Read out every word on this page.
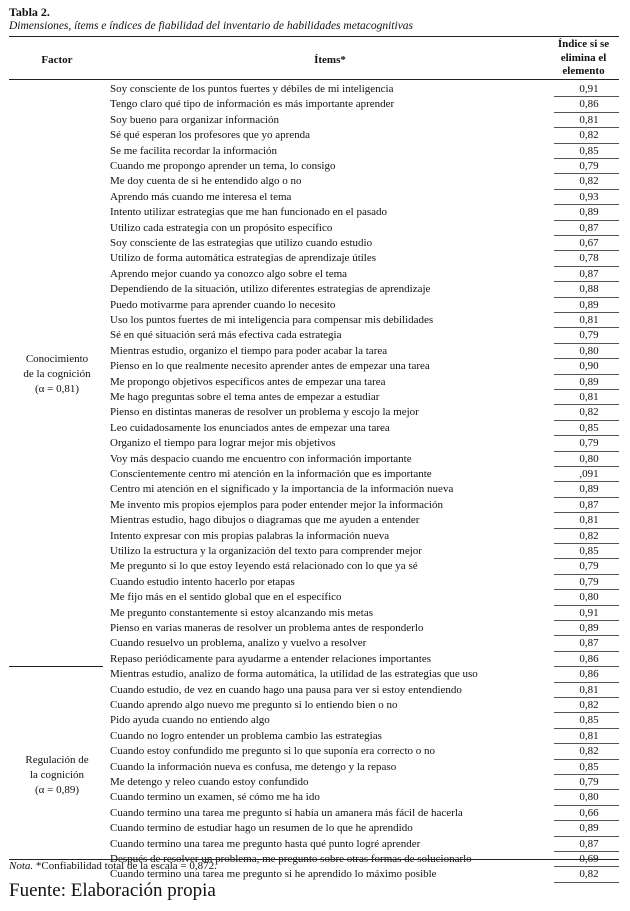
Tabla 2.
Dimensiones, ítems e índices de fiabilidad del inventario de habilidades metacognitivas
Factor	Ítems*
Índice si se
elimina el
elemento
Soy consciente de los puntos fuertes y débiles de mi inteligencia	0,91
Tengo claro qué tipo de información es más importante aprender	0,86
Soy bueno para organizar información	0,81
Sé qué esperan los profesores que yo aprenda	0,82
Se me facilita recordar la información	0,85
Cuando me propongo aprender un tema, lo consigo	0,79
Me doy cuenta de si he entendido algo o no	0,82
Aprendo más cuando me interesa el tema	0,93
Intento utilizar estrategias que me han funcionado en el pasado	0,89
Utilizo cada estrategia con un propósito específico	0,87
Soy consciente de las estrategias que utilizo cuando estudio	0,67
Utilizo de forma automática estrategias de aprendizaje útiles	0,78
Aprendo mejor cuando ya conozco algo sobre el tema	0,87
Dependiendo de la situación, utilizo diferentes estrategias de aprendizaje	0,88
Puedo motivarme para aprender cuando lo necesito	0,89
Uso los puntos fuertes de mi inteligencia para compensar mis debilidades	0,81
Sé en qué situación será más efectiva cada estrategia	0,79
Mientras estudio, organizo el tiempo para poder acabar la tarea	0,80
Pienso en lo que realmente necesito aprender antes de empezar una tarea	0,90
Me propongo objetivos específicos antes de empezar una tarea	0,89
Me hago preguntas sobre el tema antes de empezar a estudiar	0,81
Pienso en distintas maneras de resolver un problema y escojo la mejor	0,82
Leo cuidadosamente los enunciados antes de empezar una tarea	0,85
Organizo el tiempo para lograr mejor mis objetivos	0,79
Voy más despacio cuando me encuentro con información importante	0,80
Conscientemente centro mi atención en la información que es importante	,091
Centro mi atención en el significado y la importancia de la información nueva	0,89
Me invento mis propios ejemplos para poder entender mejor la información	0,87
Mientras estudio, hago dibujos o diagramas que me ayuden a entender	0,81
Intento expresar con mis propias palabras la información nueva	0,82
Utilizo la estructura y la organización del texto para comprender mejor	0,85
Me pregunto si lo que estoy leyendo está relacionado con lo que ya sé	0,79
Cuando estudio intento hacerlo por etapas	0,79
Me fijo más en el sentido global que en el específico	0,80
Me pregunto constantemente si estoy alcanzando mis metas	0,91
Pienso en varias maneras de resolver un problema antes de responderlo	0,89
Cuando resuelvo un problema, analizo y vuelvo a resolver	0,87
Repaso periódicamente para ayudarme a entender relaciones importantes	0,86
Conocimiento
de la cognición
(α = 0,81)
Mientras estudio, analizo de forma automática, la utilidad de las estrategias que uso	0,86
Cuando estudio, de vez en cuando hago una pausa para ver si estoy entendiendo	0,81
Cuando aprendo algo nuevo me pregunto si lo entiendo bien o no	0,82
Pido ayuda cuando no entiendo algo	0,85
Cuando no logro entender un problema cambio las estrategias	0,81
Cuando estoy confundido me pregunto si lo que suponía era correcto o no	0,82
Cuando la información nueva es confusa, me detengo y la repaso	0,85
Me detengo y releo cuando estoy confundido	0,79
Cuando termino un examen, sé cómo me ha ido	0,80
Cuando termino una tarea me pregunto si había un amanera más fácil de hacerla	0,66
Cuando termino de estudiar hago un resumen de lo que he aprendido	0,89
Cuando termino una tarea me pregunto hasta qué punto logré aprender	0,87
Después de resolver un problema, me pregunto sobre otras formas de solucionarlo	0,69
Cuando termino una tarea me pregunto si he aprendido lo máximo posible	0,82
Regulación de
la cognición
(α = 0,89)
Nota. *Confiabilidad total de la escala = 0,872.
Fuente: Elaboración propia
